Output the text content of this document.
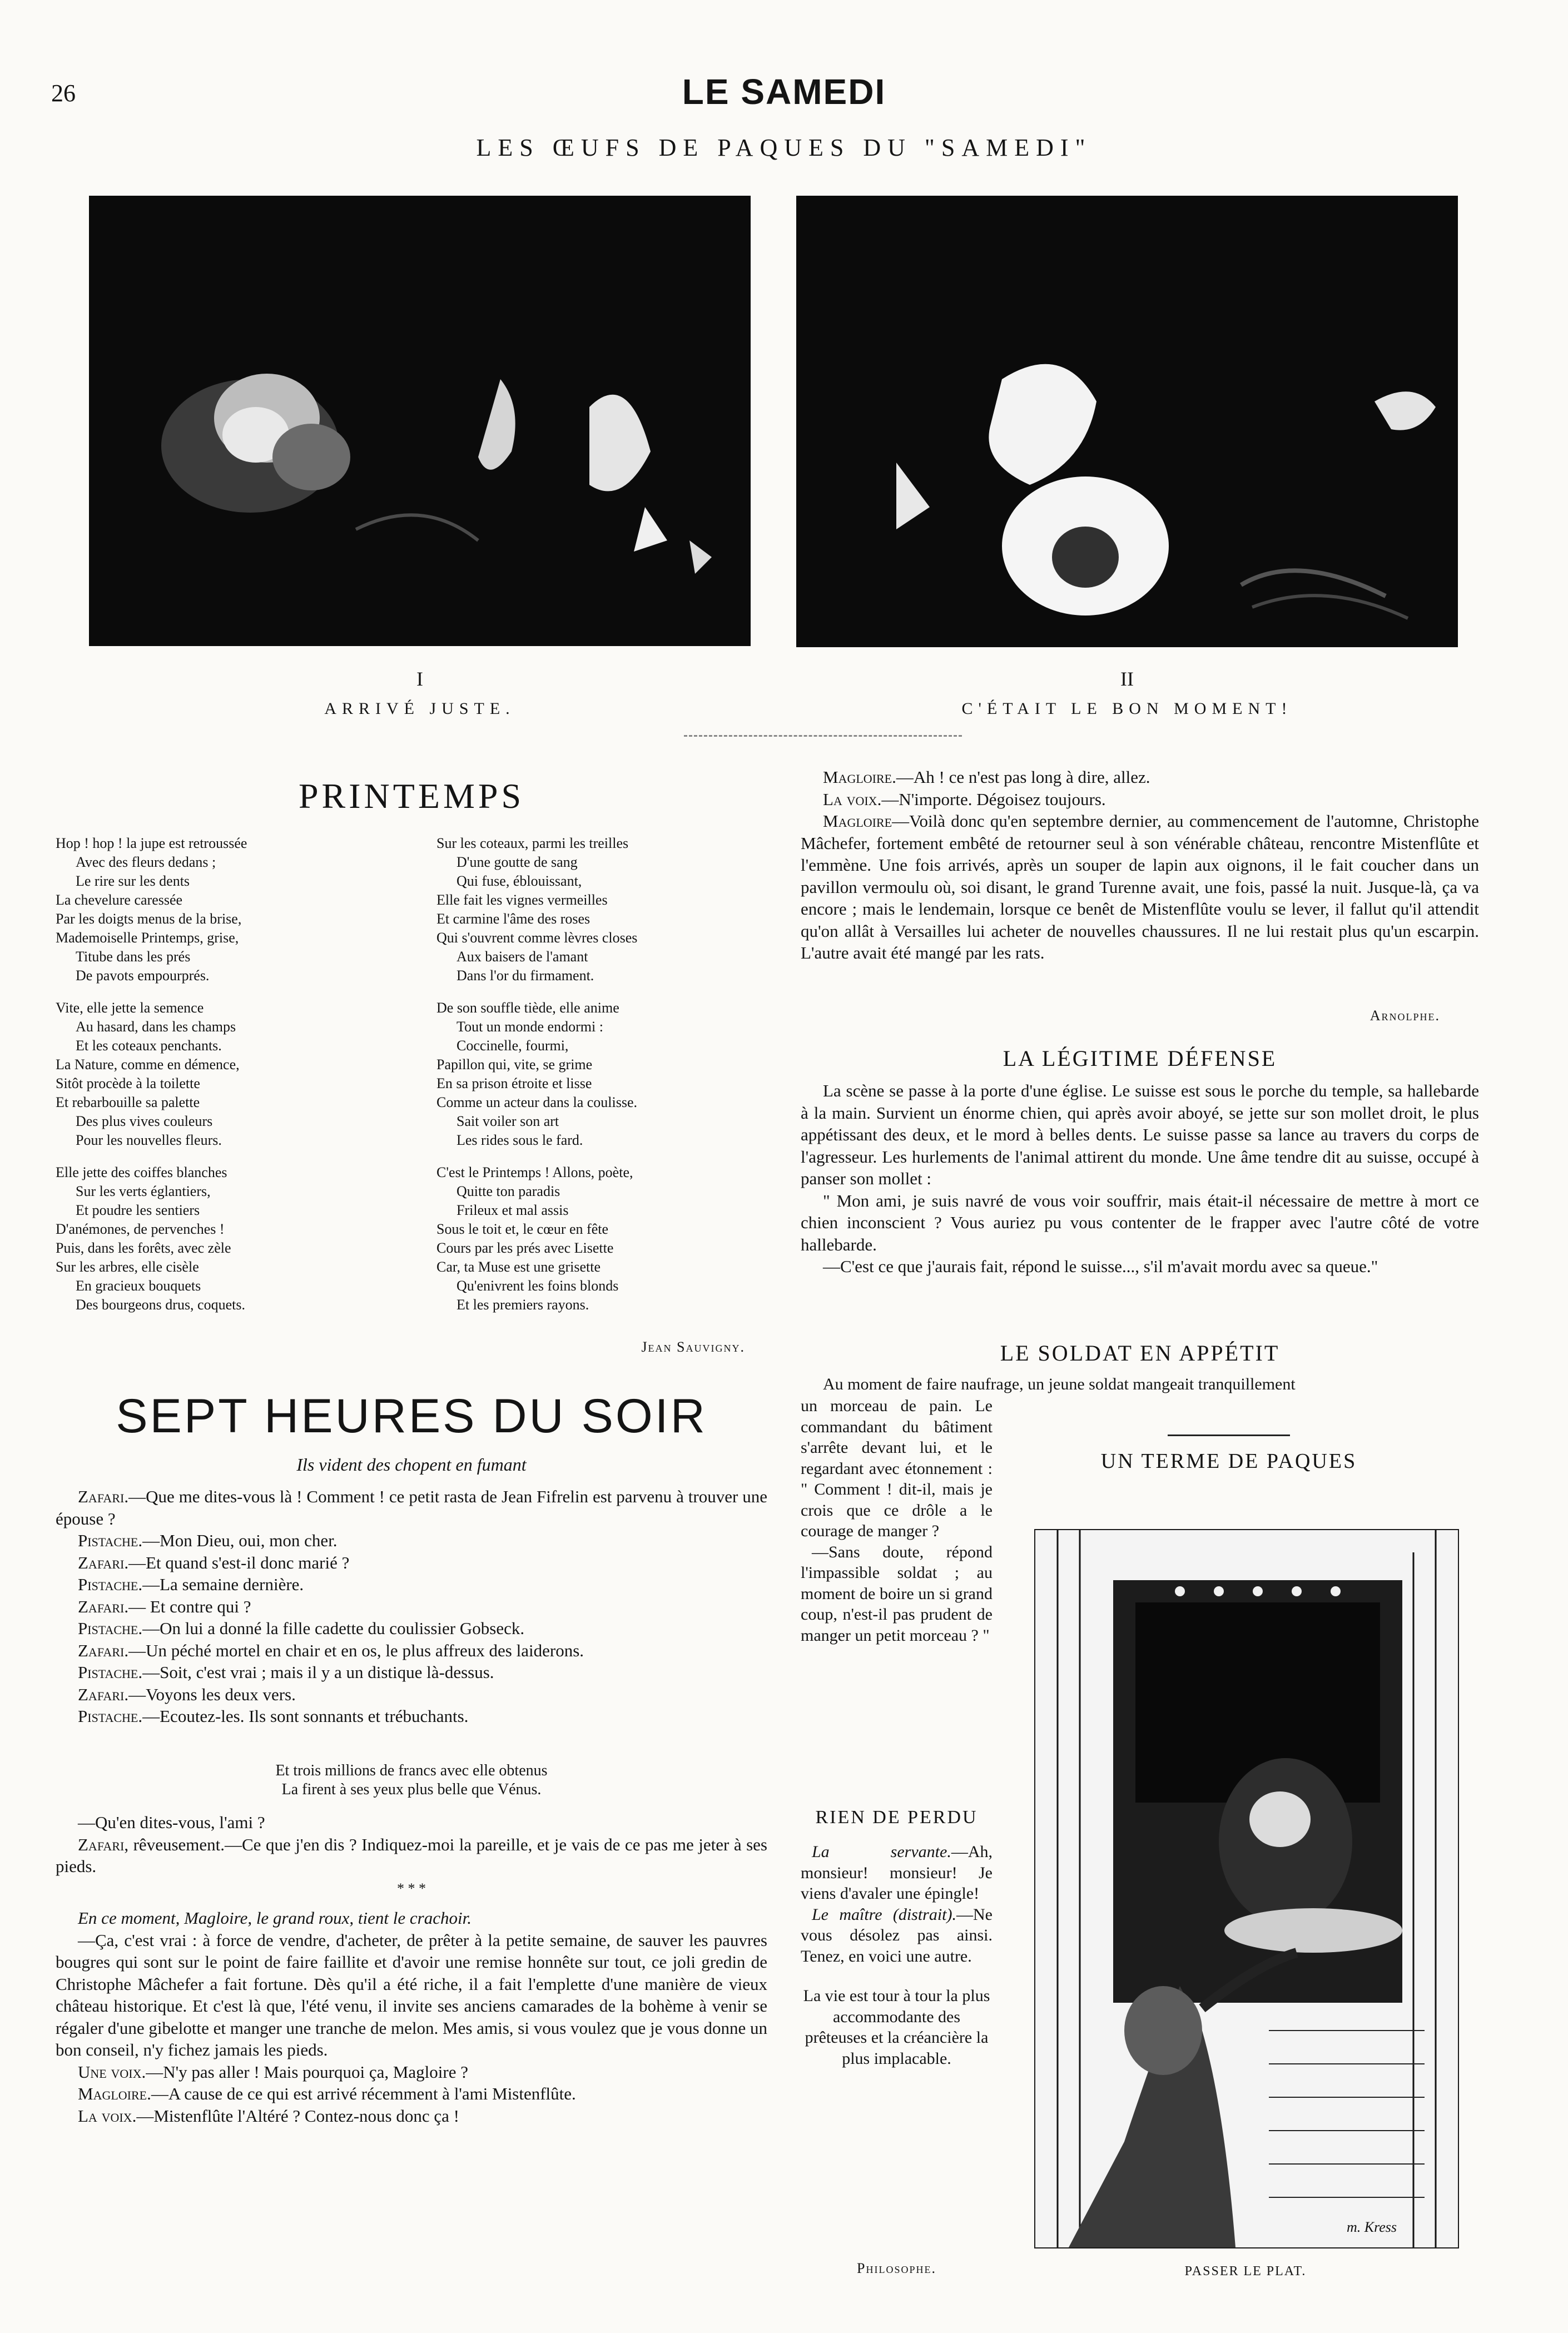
26	LE SAMEDI
LES ŒUFS DE PAQUES DU "SAMEDI"
I
ARRIVÉ JUSTE.
II
C'ÉTAIT LE BON MOMENT!
PRINTEMPS

Hop ! hop ! la jupe est retroussée
Avec des fleurs dedans ;
Le rire sur les dents
La chevelure caressée
Par les doigts menus de la brise,
Mademoiselle Printemps, grise,
Titube dans les prés
De pavots empourprés.

Vite, elle jette la semence
Au hasard, dans les champs
Et les coteaux penchants.
La Nature, comme en démence,
Sitôt procède à la toilette
Et rebarbouille sa palette
Des plus vives couleurs
Pour les nouvelles fleurs.

Elle jette des coiffes blanches
Sur les verts églantiers,
Et poudre les sentiers
D'anémones, de pervenches !
Puis, dans les forêts, avec zèle
Sur les arbres, elle cisèle
En gracieux bouquets
Des bourgeons drus, coquets.

Sur les coteaux, parmi les treilles
D'une goutte de sang
Qui fuse, éblouissant,
Elle fait les vignes vermeilles
Et carmine l'âme des roses
Qui s'ouvrent comme lèvres closes
Aux baisers de l'amant
Dans l'or du firmament.

De son souffle tiède, elle anime
Tout un monde endormi :
Coccinelle, fourmi,
Papillon qui, vite, se grime
En sa prison étroite et lisse
Comme un acteur dans la coulisse.
Sait voiler son art
Les rides sous le fard.

C'est le Printemps ! Allons, poète,
Quitte ton paradis
Frileux et mal assis
Sous le toit et, le cœur en fête
Cours par les prés avec Lisette
Car, ta Muse est une grisette
Qu'enivrent les foins blonds
Et les premiers rayons.

Jean Sauvigny.
SEPT HEURES DU SOIR
Ils vident des chopent en fumant

Zafari.—Que me dites-vous là ! Comment ! ce petit rasta de Jean Fifrelin est parvenu à trouver une épouse ?

Pistache.—Mon Dieu, oui, mon cher.

Zafari.—Et quand s'est-il donc marié ?

Pistache.—La semaine dernière.

Zafari.— Et contre qui ?

Pistache.—On lui a donné la fille cadette du coulissier Gobseck.

Zafari.—Un péché mortel en chair et en os, le plus affreux des laiderons.

Pistache.—Soit, c'est vrai ; mais il y a un distique là-dessus.

Zafari.—Voyons les deux vers.

Pistache.—Ecoutez-les. Ils sont sonnants et trébuchants.

Et trois millions de francs avec elle obtenus
La firent à ses yeux plus belle que Vénus.

—Qu'en dites-vous, l'ami ?

Zafari, rêveusement.—Ce que j'en dis ? Indiquez-moi la pareille, et je vais de ce pas me jeter à ses pieds.

* * *

En ce moment, Magloire, le grand roux, tient le crachoir.

—Ça, c'est vrai : à force de vendre, d'acheter, de prêter à la petite semaine, de sauver les pauvres bougres qui sont sur le point de faire faillite et d'avoir une remise honnête sur tout, ce joli gredin de Christophe Mâchefer a fait fortune. Dès qu'il a été riche, il a fait l'emplette d'une manière de vieux château historique. Et c'est là que, l'été venu, il invite ses anciens camarades de la bohème à venir se régaler d'une gibelotte et manger une tranche de melon. Mes amis, si vous voulez que je vous donne un bon conseil, n'y fichez jamais les pieds.

Une voix.—N'y pas aller ! Mais pourquoi ça, Magloire ?

Magloire.—A cause de ce qui est arrivé récemment à l'ami Mistenflûte.

La voix.—Mistenflûte l'Altéré ? Contez-nous donc ça !

Magloire.—Ah ! ce n'est pas long à dire, allez.

La voix.—N'importe. Dégoisez toujours.

Magloire—Voilà donc qu'en septembre dernier, au commencement de l'automne, Christophe Mâchefer, fortement embêté de retourner seul à son vénérable château, rencontre Mistenflûte et l'emmène. Une fois arrivés, après un souper de lapin aux oignons, il le fait coucher dans un pavillon vermoulu où, soi disant, le grand Turenne avait, une fois, passé la nuit. Jusque-là, ça va encore ; mais le lendemain, lorsque ce benêt de Mistenflûte voulu se lever, il fallut qu'il attendit qu'on allât à Versailles lui acheter de nouvelles chaussures. Il ne lui restait plus qu'un escarpin. L'autre avait été mangé par les rats.

Arnolphe.
LA LÉGITIME DÉFENSE

La scène se passe à la porte d'une église. Le suisse est sous le porche du temple, sa hallebarde à la main. Survient un énorme chien, qui après avoir aboyé, se jette sur son mollet droit, le plus appétissant des deux, et le mord à belles dents. Le suisse passe sa lance au travers du corps de l'agresseur. Les hurlements de l'animal attirent du monde. Une âme tendre dit au suisse, occupé à panser son mollet :

" Mon ami, je suis navré de vous voir souffrir, mais était-il nécessaire de mettre à mort ce chien inconscient ? Vous auriez pu vous contenter de le frapper avec l'autre côté de votre hallebarde.

—C'est ce que j'aurais fait, répond le suisse..., s'il m'avait mordu avec sa queue."

LE SOLDAT EN APPÉTIT

Au moment de faire naufrage, un jeune soldat mangeait tranquillement

un morceau de pain. Le commandant du bâtiment s'arrête devant lui, et le regardant avec étonnement : " Comment ! dit-il, mais je crois que ce drôle a le courage de manger ?

—Sans doute, répond l'impassible soldat ; au moment de boire un si grand coup, n'est-il pas prudent de manger un petit morceau ? "

RIEN DE PERDU

La servante.—Ah, monsieur! monsieur! Je viens d'avaler une épingle!

Le maître (distrait).—Ne vous désolez pas ainsi. Tenez, en voici une autre.

La vie est tour à tour la plus accommodante des prêteuses et la créancière la plus implacable.

Philosophe.
UN TERME DE PAQUES
m. Kress
PASSER LE PLAT.
